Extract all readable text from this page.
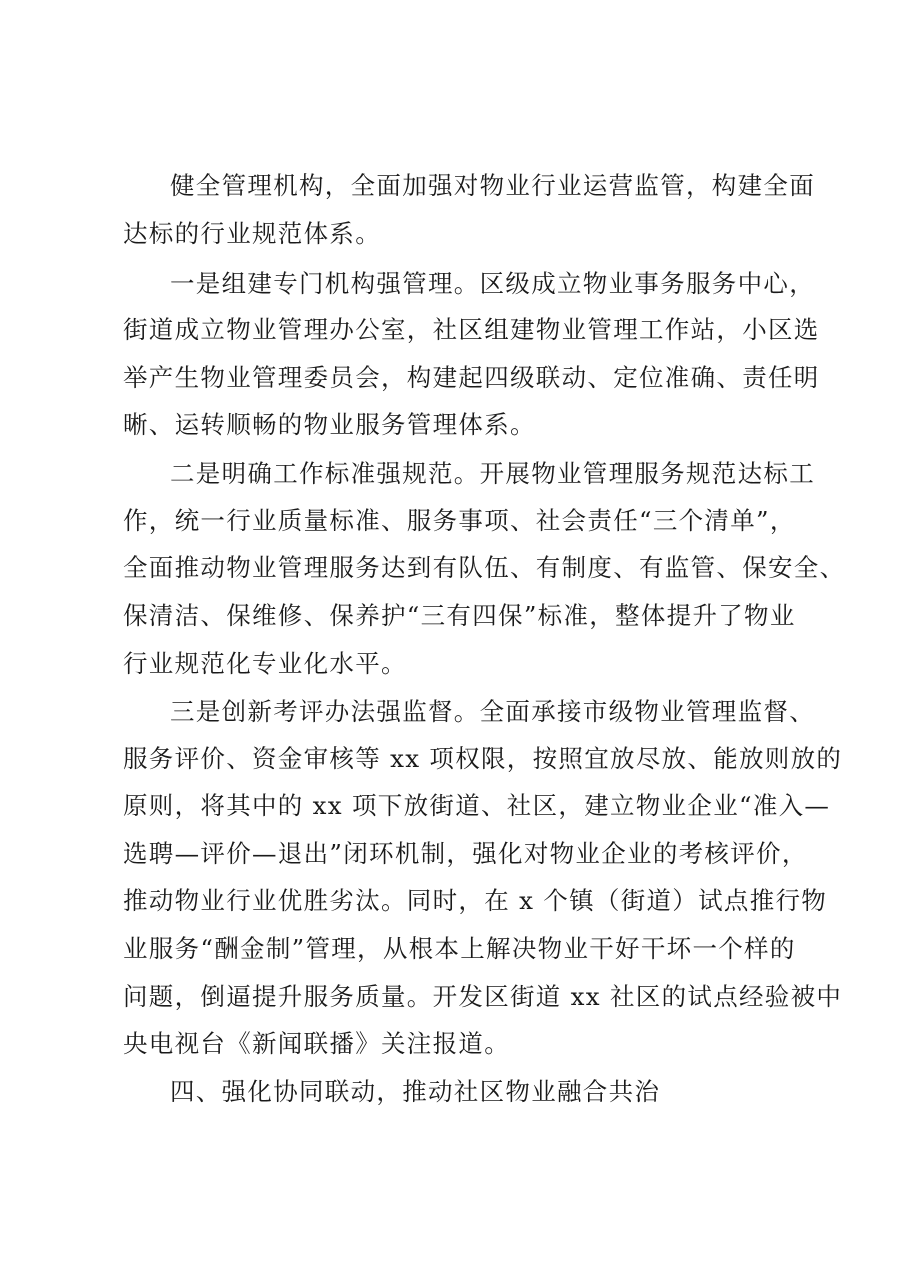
健全管理机构，全面加强对物业行业运营监管，构建全面
达标的行业规范体系。
一是组建专门机构强管理。区级成立物业事务服务中心，
街道成立物业管理办公室，社区组建物业管理工作站，小区选
举产生物业管理委员会，构建起四级联动、定位准确、责任明
晰、运转顺畅的物业服务管理体系。
二是明确工作标准强规范。开展物业管理服务规范达标工
作，统一行业质量标准、服务事项、社会责任“三个清单”，
全面推动物业管理服务达到有队伍、有制度、有监管、保安全、
保清洁、保维修、保养护“三有四保”标准，整体提升了物业
行业规范化专业化水平。
三是创新考评办法强监督。全面承接市级物业管理监督、
服务评价、资金审核等 xx 项权限，按照宜放尽放、能放则放的
原则，将其中的 xx 项下放街道、社区，建立物业企业“准入—
选聘—评价—退出”闭环机制，强化对物业企业的考核评价，
推动物业行业优胜劣汰。同时，在 x 个镇（街道）试点推行物
业服务“酬金制”管理，从根本上解决物业干好干坏一个样的
问题，倒逼提升服务质量。开发区街道 xx 社区的试点经验被中
央电视台《新闻联播》关注报道。
四、强化协同联动，推动社区物业融合共治
